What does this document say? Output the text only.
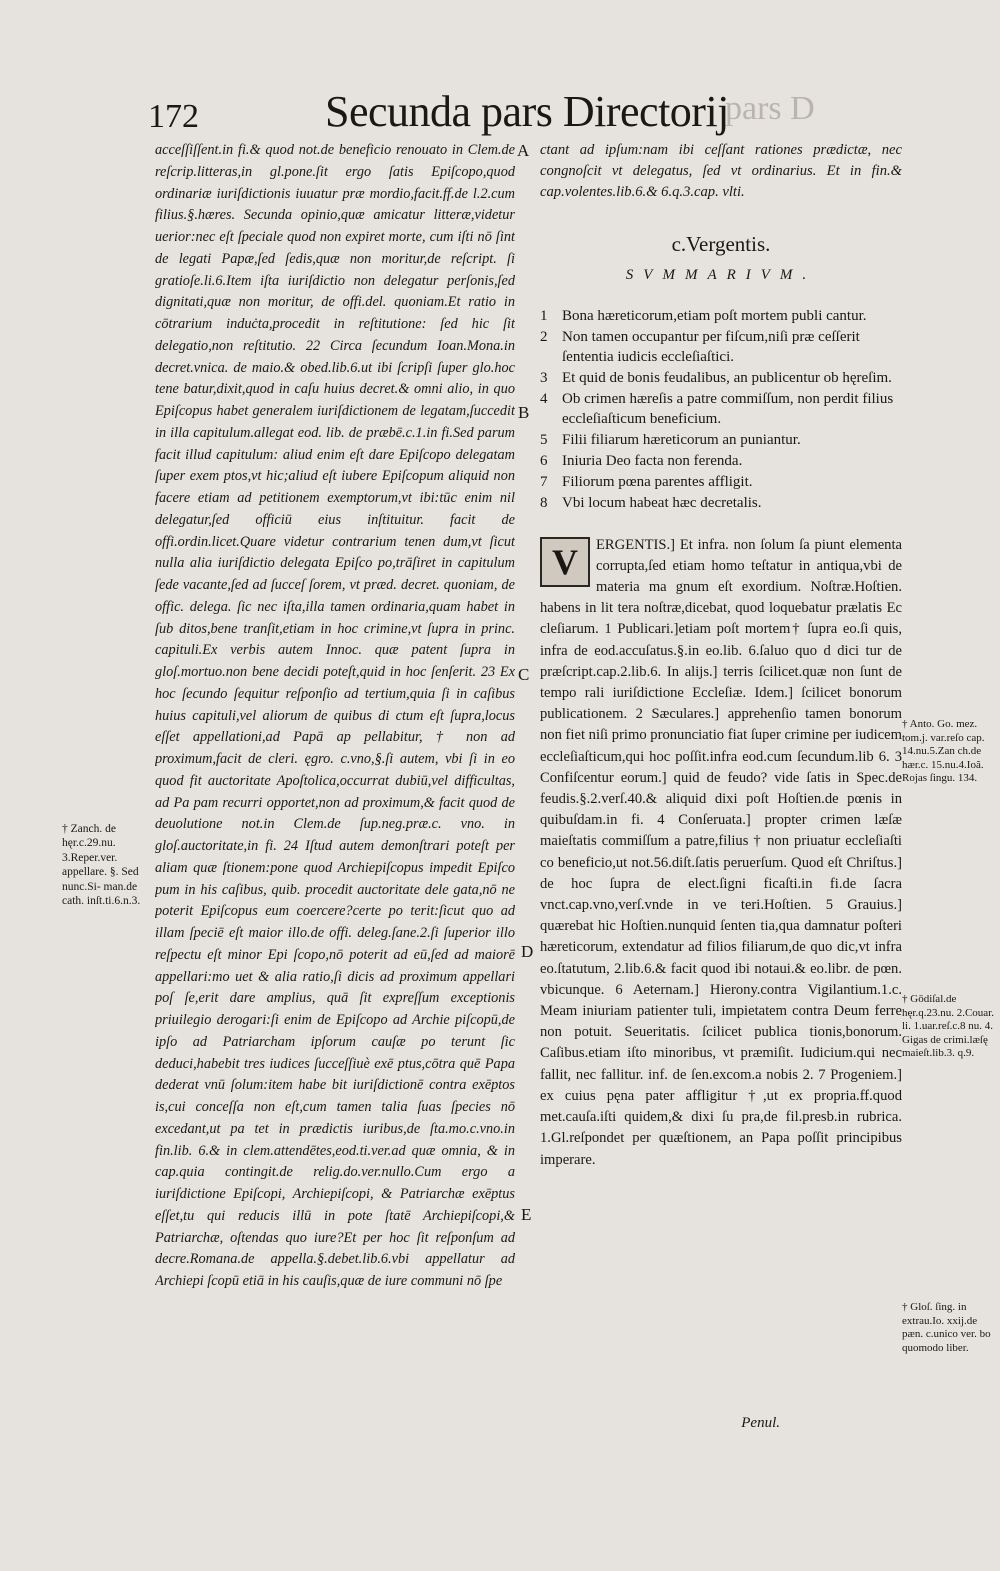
172	Secunda pars Directorij
pars D
A
B
C
D
E

acceſſiſſent.in fi.& quod not.de beneficio renouato in Clem.de reſcrip.litteras,in gl.pone.ſit ergo ſatis Epiſcopo,quod ordinariæ iuriſdictionis iuuatur præ mordio,facit.ff.de l.2.cum filius.§.hæres. Secunda opinio,quæ amicatur litteræ,videtur uerior:nec eſt ſpeciale quod non expiret morte, cum iſti nō ſint de legati Papæ,ſed ſedis,quæ non moritur,de reſcript. ſi gratioſe.li.6.Item iſta iuriſdictio non delegatur perſonis,ſed dignitati,quæ non moritur, de offi.del. quoniam.Et ratio in cōtrarium induċta,procedit in reſtitutione: ſed hic ſit delegatio,non reſtitutio. 22 Circa ſecundum Ioan.Mona.in decret.vnica. de maio.& obed.lib.6.ut ibi ſcripſi ſuper glo.hoc tene batur,dixit,quod in caſu huius decret.& omni alio, in quo Epiſcopus habet generalem iuriſdictionem de legatam,ſuccedit in illa capitulum.allegat eod. lib. de præbē.c.1.in fi.Sed parum facit illud capitulum: aliud enim eſt dare Epiſcopo delegatam ſuper exem ptos,vt hic;aliud eſt iubere Epiſcopum aliquid non facere etiam ad petitionem exemptorum,vt ibi:tūc enim nil delegatur,ſed officiū eius inſtituitur. facit de offi.ordin.licet.Quare videtur contrarium tenen dum,vt ſicut nulla alia iuriſdictio delegata Epiſco po,trāſiret in capitulum ſede vacante,ſed ad ſucceſ ſorem, vt præd. decret. quoniam, de offic. delega. ſic nec iſta,illa tamen ordinaria,quam habet in ſub ditos,bene tranſit,etiam in hoc crimine,vt ſupra in princ. capituli.Ex verbis autem Innoc. quæ patent ſupra in gloſ.mortuo.non bene decidi poteſt,quid in hoc ſenſerit. 23 Ex hoc ſecundo ſequitur reſponſio ad tertium,quia ſi in caſibus huius capituli,vel aliorum de quibus di ctum eſt ſupra,locus eſſet appellationi,ad Papā ap pellabitur, † non ad proximum,facit de cleri. ęgro. c.vno,§.ſi autem, vbi ſi in eo quod fit auctoritate Apoſtolica,occurrat dubiū,vel difficultas, ad Pa pam recurri opportet,non ad proximum,& facit quod de deuolutione not.in Clem.de ſup.neg.præ.c. vno. in gloſ.auctoritate,in fi. 24 Iſtud autem demonſtrari poteſt per aliam quæ ſtionem:pone quod Archiepiſcopus impedit Epiſco pum in his caſibus, quib. procedit auctoritate dele gata,nō ne poterit Epiſcopus eum coercere?certe po terit:ſicut quo ad illam ſpeciē eſt maior illo.de offi. deleg.ſane.2.ſi ſuperior illo reſpectu eſt minor Epi ſcopo,nō poterit ad eū,ſed ad maiorē appellari:mo uet & alia ratio,ſi dicis ad proximum appellari poſ ſe,erit dare amplius, quā ſit expreſſum exceptionis priuilegio derogari:ſi enim de Epiſcopo ad Archie piſcopū,de ipſo ad Patriarcham ipſorum cauſæ po terunt ſic deduci,habebit tres iudices ſucceſſiuè exē ptus,cōtra quē Papa dederat vnū ſolum:item habe bit iuriſdictionē contra exēptos is,cui conceſſa non eſt,cum tamen talia ſuas ſpecies nō excedant,ut pa tet in prædictis iuribus,de ſta.mo.c.vno.in fin.lib. 6.& in clem.attendētes,eod.ti.ver.ad quæ omnia, & in cap.quia contingit.de relig.do.ver.nullo.Cum ergo a iuriſdictione Epiſcopi, Archiepiſcopi, & Patriarchæ exēptus eſſet,tu qui reducis illū in pote ſtatē Archiepiſcopi,& Patriarchæ, oſtendas quo iure?Et per hoc ſit reſponſum ad decre.Romana.de appella.§.debet.lib.6.vbi appellatur ad Archiepi ſcopū etiā in his cauſis,quæ de iure communi nō ſpe

† Zanch. de hęr.c.29.nu. 3.Reper.ver. appellare. §. Sed nunc.Si- man.de cath. inſt.ti.6.n.3.

ctant ad ipſum:nam ibi ceſſant rationes prædictæ, nec congnoſcit vt delegatus, ſed vt ordinarius. Et in fin.& cap.volentes.lib.6.& 6.q.3.cap. vlti.

c.Vergentis.
SVMMARIVM.
1 Bona hæreticorum,etiam poſt mortem publi cantur.
2 Non tamen occupantur per fiſcum,niſi præ ceſſerit ſententia iudicis eccleſiaſtici.
3 Et quid de bonis feudalibus, an publicentur ob hęreſim.
4 Ob crimen hæreſis a patre commiſſum, non perdit filius eccleſiaſticum beneficium.
5 Filii filiarum hæreticorum an puniantur.
6 Iniuria Deo facta non ferenda.
7 Filiorum pœna parentes affligit.
8 Vbi locum habeat hæc decretalis.
V	ERGENTIS.] Et infra. non ſolum ſa piunt elementa corrupta,ſed etiam homo teſtatur in antiqua,vbi de materia ma gnum eſt exordium. Noſtræ.Hoſtien. habens in lit tera noſtræ,dicebat, quod loquebatur prælatis Ec cleſiarum. 1 Publicari.]etiam poſt mortem† ſupra eo.ſi quis, infra de eod.accuſatus.§.in eo.lib. 6.ſaluo quo d dici tur de præſcript.cap.2.lib.6. In alijs.] terris ſcilicet.quæ non ſunt de tempo rali iuriſdictione Eccleſiæ. Idem.] ſcilicet bonorum publicationem. 2 Sæculares.] apprehenſio tamen bonorum non fiet niſi primo pronunciatio fiat ſuper crimine per iudicem eccleſiaſticum,qui hoc poſſit.infra eod.cum ſecundum.lib 6. 3 Confiſcentur eorum.] quid de feudo? vide ſatis in Spec.de feudis.§.2.verſ.40.& aliquid dixi poſt Hoſtien.de pœnis in quibuſdam.in fi. 4 Conſeruata.] propter crimen læſæ maieſtatis commiſſum a patre,filius † non priuatur eccleſiaſti co beneficio,ut not.56.diſt.ſatis peruerſum. Quod eſt Chriſtus.] de hoc ſupra de elect.ſigni ficaſti.in fi.de ſacra vnct.cap.vno,verſ.vnde in ve teri.Hoſtien. 5 Grauius.] quærebat hic Hoſtien.nunquid ſenten tia,qua damnatur poſteri hæreticorum, extendatur ad filios filiarum,de quo dic,vt infra eo.ſtatutum, 2.lib.6.& facit quod ibi notaui.& eo.libr. de pœn. vbicunque. 6 Aeternam.] Hierony.contra Vigilantium.1.c. Meam iniuriam patienter tuli, impietatem contra Deum ferre non potuit. Seueritatis. ſcilicet publica tionis,bonorum. Caſibus.etiam iſto minoribus, vt præmiſit. Iudicium.qui nec fallit, nec fallitur. inf. de ſen.excom.a nobis 2. 7 Progeniem.] ex cuius pęna pater affligitur †,ut ex propria.ff.quod met.cauſa.iſti quidem,& dixi ſu pra,de fil.presb.in rubrica. 1.Gl.reſpondet per quæſtionem, an Papa poſſit principibus imperare.

Penul.
† Anto. Go. mez. tom.j. var.reſo cap. 14.nu.5.Zan ch.de hær.c. 15.nu.4.Ioã. Rojas ſingu. 134.
† Gōdiſal.de hęr.q.23.nu. 2.Couar. li. 1.uar.reſ.c.8 nu. 4. Gigas de crimi.læſę maieſt.lib.3. q.9.
† Gloſ. ſing. in extrau.Io. xxij.de pæn. c.unico ver. bo quomodo liber.
